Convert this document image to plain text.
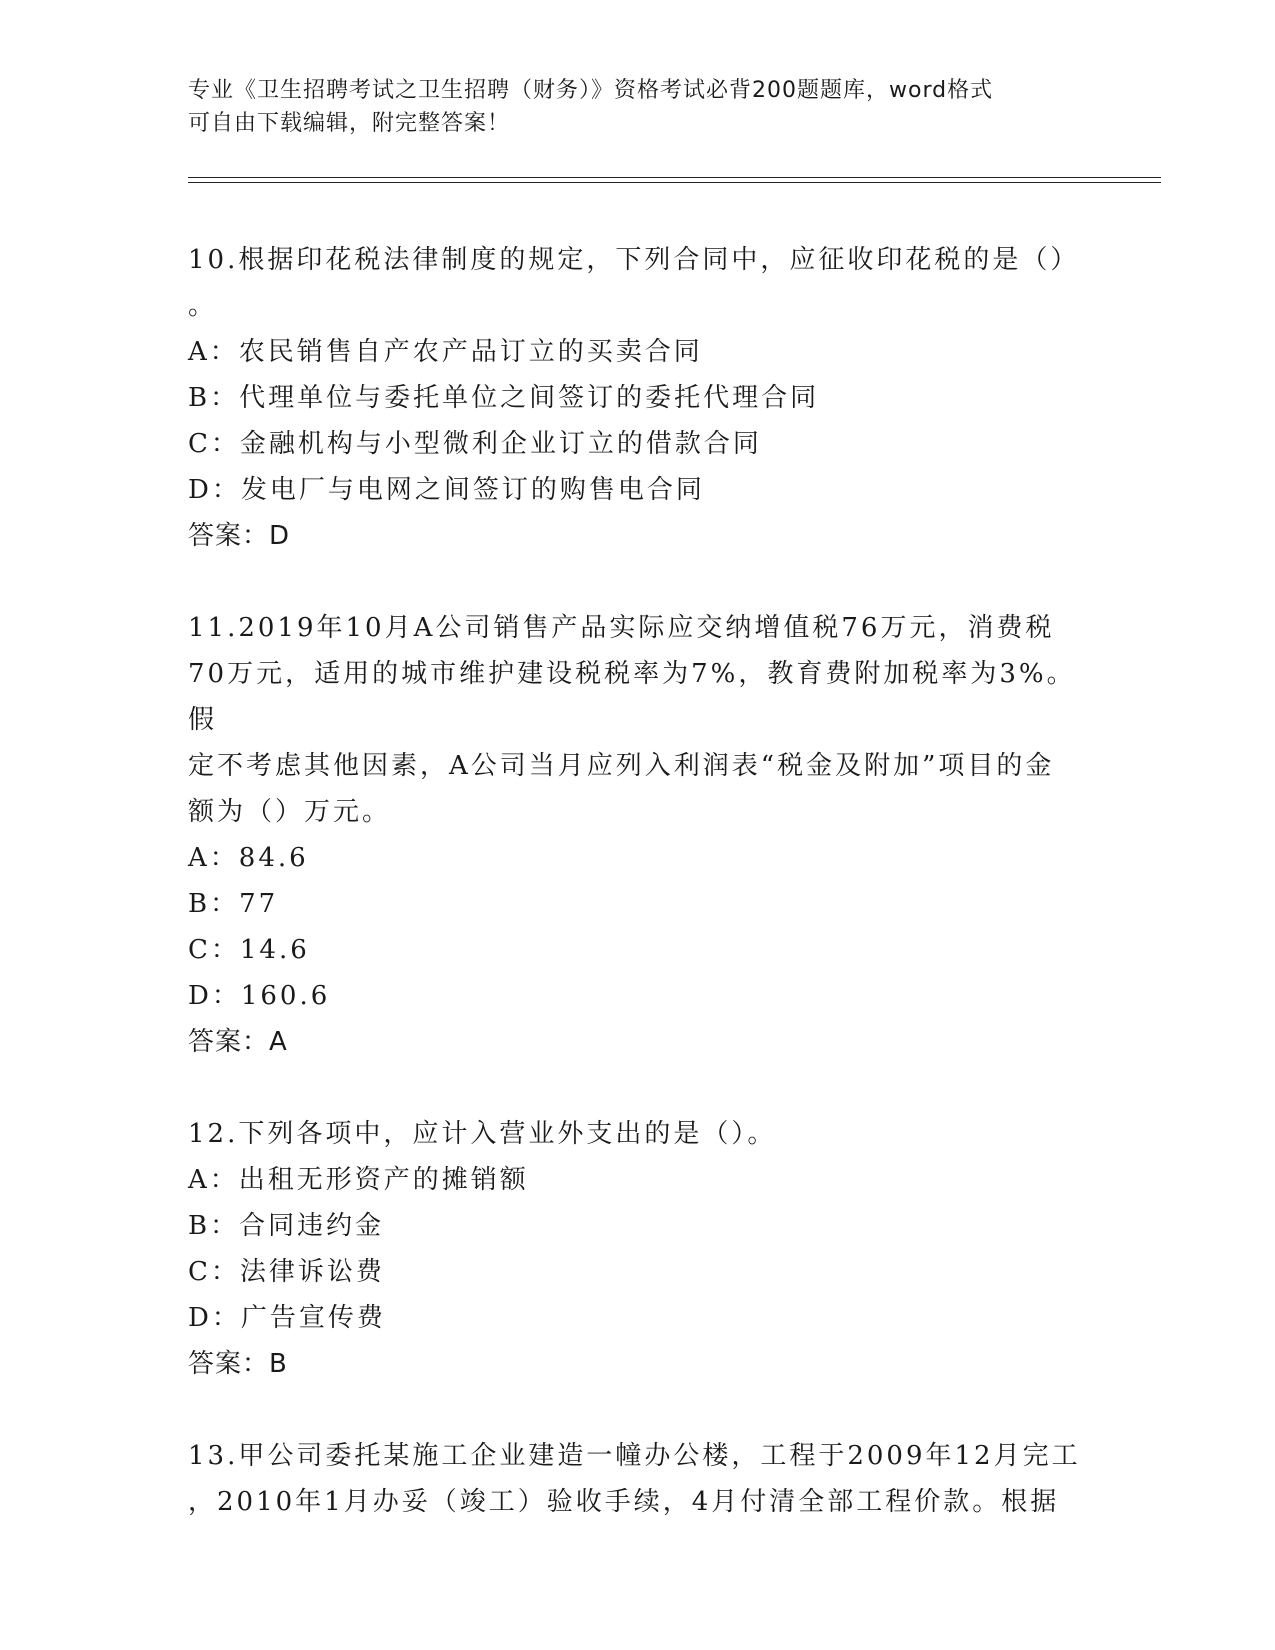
专业《卫生招聘考试之卫生招聘（财务）》资格考试必背200题题库，word格式
可自由下载编辑，附完整答案！
10.根据印花税法律制度的规定，下列合同中，应征收印花税的是（）
。
A：农民销售自产农产品订立的买卖合同
B：代理单位与委托单位之间签订的委托代理合同
C：金融机构与小型微利企业订立的借款合同
D：发电厂与电网之间签订的购售电合同
答案：D
11.2019年10月A公司销售产品实际应交纳增值税76万元，消费税
70万元，适用的城市维护建设税税率为7%，教育费附加税率为3%。假
定不考虑其他因素，A公司当月应列入利润表“税金及附加”项目的金
额为（）万元。
A：84.6
B：77
C：14.6
D：160.6
答案：A
12.下列各项中，应计入营业外支出的是（）。
A：出租无形资产的摊销额
B：合同违约金
C：法律诉讼费
D：广告宣传费
答案：B
13.甲公司委托某施工企业建造一幢办公楼，工程于2009年12月完工
，2010年1月办妥（竣工）验收手续，4月付清全部工程价款。根据
